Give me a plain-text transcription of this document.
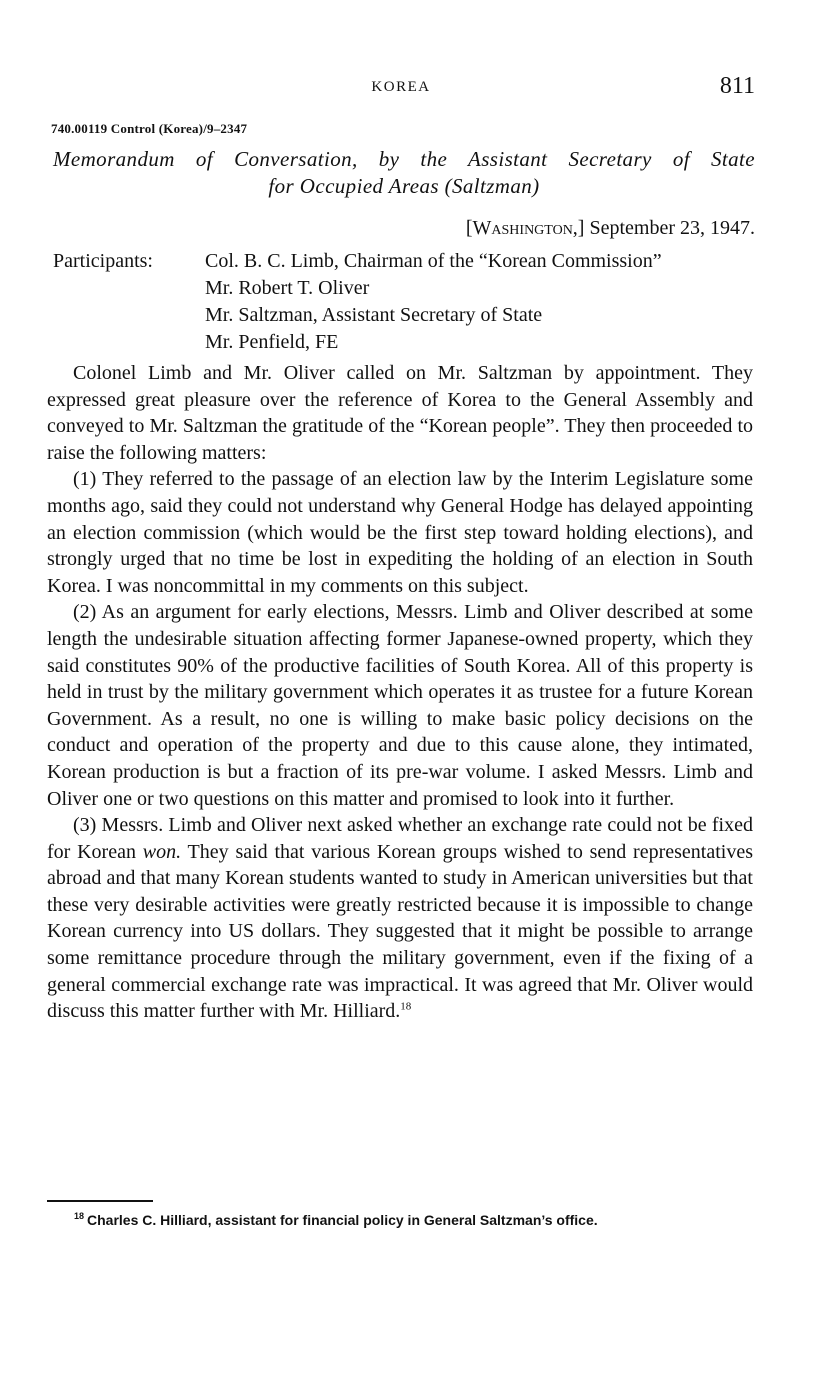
KOREA	811
740.00119 Control (Korea)/9–2347
Memorandum of Conversation, by the Assistant Secretary of State
for Occupied Areas (Saltzman)
[Washington,] September 23, 1947.
Participants:	Col. B. C. Limb, Chairman of the “Korean Commission”
Mr. Robert T. Oliver
Mr. Saltzman, Assistant Secretary of State
Mr. Penfield, FE

Colonel Limb and Mr. Oliver called on Mr. Saltzman by appointment. They expressed great pleasure over the reference of Korea to the General Assembly and conveyed to Mr. Saltzman the gratitude of the “Korean people”. They then proceeded to raise the following matters:

(1) They referred to the passage of an election law by the Interim Legislature some months ago, said they could not understand why General Hodge has delayed appointing an election commission (which would be the first step toward holding elections), and strongly urged that no time be lost in expediting the holding of an election in South Korea. I was noncommittal in my comments on this subject.

(2) As an argument for early elections, Messrs. Limb and Oliver described at some length the undesirable situation affecting former Japanese-owned property, which they said constitutes 90% of the productive facilities of South Korea. All of this property is held in trust by the military government which operates it as trustee for a future Korean Government. As a result, no one is willing to make basic policy decisions on the conduct and operation of the property and due to this cause alone, they intimated, Korean production is but a fraction of its pre-war volume. I asked Messrs. Limb and Oliver one or two questions on this matter and promised to look into it further.

(3) Messrs. Limb and Oliver next asked whether an exchange rate could not be fixed for Korean won. They said that various Korean groups wished to send representatives abroad and that many Korean students wanted to study in American universities but that these very desirable activities were greatly restricted because it is impossible to change Korean currency into US dollars. They suggested that it might be possible to arrange some remittance procedure through the military government, even if the fixing of a general commercial exchange rate was impractical. It was agreed that Mr. Oliver would discuss this matter further with Mr. Hilliard.$^{18}$

$^{18}$ Charles C. Hilliard, assistant for financial policy in General Saltzman’s office.
